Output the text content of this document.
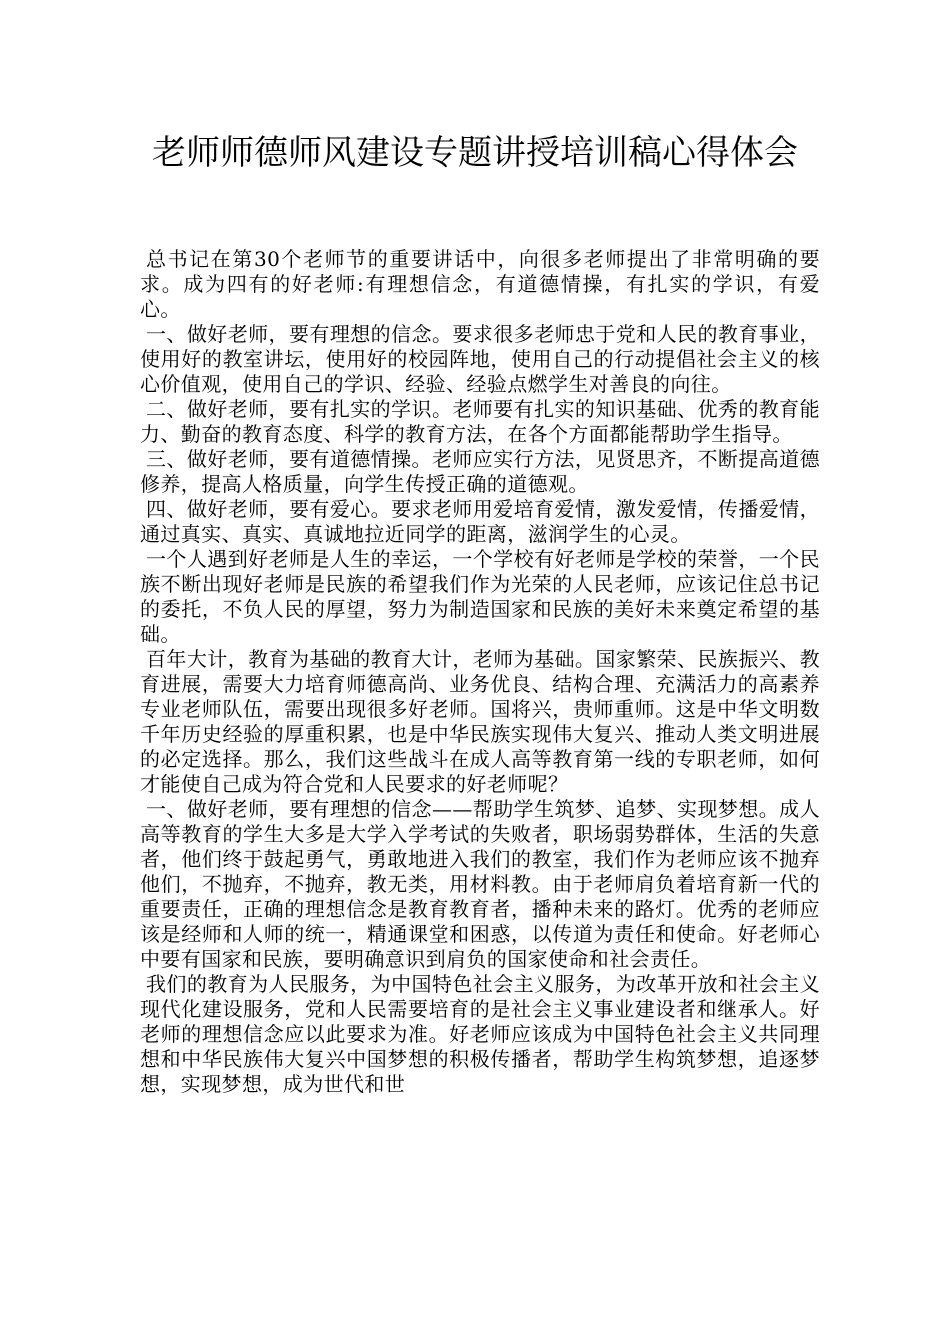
老师师德师风建设专题讲授培训稿心得体会

总书记在第30个老师节的重要讲话中，向很多老师提出了非常明确的要求。成为四有的好老师:有理想信念，有道德情操，有扎实的学识，有爱心。

一、做好老师，要有理想的信念。要求很多老师忠于党和人民的教育事业，使用好的教室讲坛，使用好的校园阵地，使用自己的行动提倡社会主义的核心价值观，使用自己的学识、经验、经验点燃学生对善良的向往。

二、做好老师，要有扎实的学识。老师要有扎实的知识基础、优秀的教育能力、勤奋的教育态度、科学的教育方法，在各个方面都能帮助学生指导。

三、做好老师，要有道德情操。老师应实行方法，见贤思齐，不断提高道德修养，提高人格质量，向学生传授正确的道德观。

四、做好老师，要有爱心。要求老师用爱培育爱情，激发爱情，传播爱情，通过真实、真实、真诚地拉近同学的距离，滋润学生的心灵。

一个人遇到好老师是人生的幸运，一个学校有好老师是学校的荣誉，一个民族不断出现好老师是民族的希望我们作为光荣的人民老师，应该记住总书记的委托，不负人民的厚望，努力为制造国家和民族的美好未来奠定希望的基础。

百年大计，教育为基础的教育大计，老师为基础。国家繁荣、民族振兴、教育进展，需要大力培育师德高尚、业务优良、结构合理、充满活力的高素养专业老师队伍，需要出现很多好老师。国将兴，贵师重师。这是中华文明数千年历史经验的厚重积累，也是中华民族实现伟大复兴、推动人类文明进展的必定选择。那么，我们这些战斗在成人高等教育第一线的专职老师，如何才能使自己成为符合党和人民要求的好老师呢？

一、做好老师，要有理想的信念——帮助学生筑梦、追梦、实现梦想。成人高等教育的学生大多是大学入学考试的失败者，职场弱势群体，生活的失意者，他们终于鼓起勇气，勇敢地进入我们的教室，我们作为老师应该不抛弃他们，不抛弃，不抛弃，教无类，用材料教。由于老师肩负着培育新一代的重要责任，正确的理想信念是教育教育者，播种未来的路灯。优秀的老师应该是经师和人师的统一，精通课堂和困惑，以传道为责任和使命。好老师心中要有国家和民族，要明确意识到肩负的国家使命和社会责任。

我们的教育为人民服务，为中国特色社会主义服务，为改革开放和社会主义现代化建设服务，党和人民需要培育的是社会主义事业建设者和继承人。好老师的理想信念应以此要求为准。好老师应该成为中国特色社会主义共同理想和中华民族伟大复兴中国梦想的积极传播者，帮助学生构筑梦想，追逐梦想，实现梦想，成为世代和世
